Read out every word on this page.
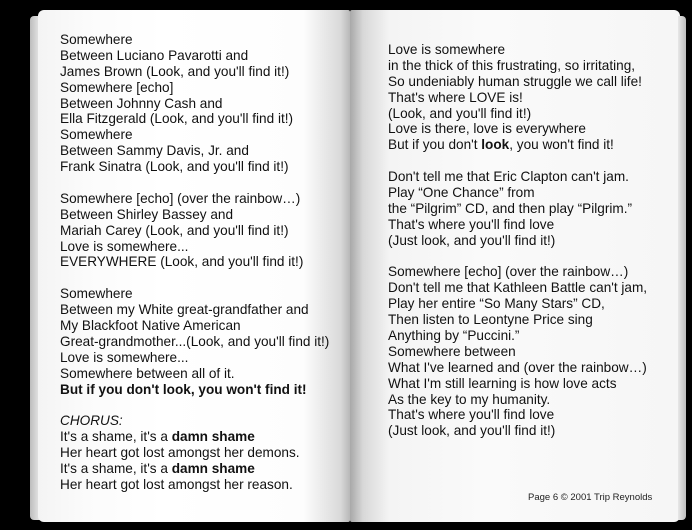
Somewhere
Between Luciano Pavarotti and
James Brown (Look, and you'll find it!)
Somewhere [echo]
Between Johnny Cash and
Ella Fitzgerald (Look, and you'll find it!)
Somewhere
Between Sammy Davis, Jr. and
Frank Sinatra (Look, and you'll find it!)
Somewhere [echo] (over the rainbow…)
Between Shirley Bassey and
Mariah Carey (Look, and you'll find it!)
Love is somewhere...
EVERYWHERE (Look, and you'll find it!)
Somewhere
Between my White great-grandfather and
My Blackfoot Native American
Great-grandmother...(Look, and you'll find it!)
Love is somewhere...
Somewhere between all of it.
But if you don't look, you won't find it!
CHORUS:
It's a shame, it's a damn shame
Her heart got lost amongst her demons.
It's a shame, it's a damn shame
Her heart got lost amongst her reason.
Love is somewhere
in the thick of this frustrating, so irritating,
So undeniably human struggle we call life!
That's where LOVE is!
(Look, and you'll find it!)
Love is there, love is everywhere
But if you don't look, you won't find it!
Don't tell me that Eric Clapton can't jam.
Play “One Chance” from
the “Pilgrim” CD, and then play “Pilgrim.”
That's where you'll find love
(Just look, and you'll find it!)
Somewhere [echo] (over the rainbow…)
Don't tell me that Kathleen Battle can't jam,
Play her entire “So Many Stars” CD,
Then listen to Leontyne Price sing
Anything by “Puccini.”
Somewhere between
What I've learned and (over the rainbow…)
What I'm still learning is how love acts
As the key to my humanity.
That's where you'll find love
(Just look, and you'll find it!)
Page 6 © 2001 Trip Reynolds
